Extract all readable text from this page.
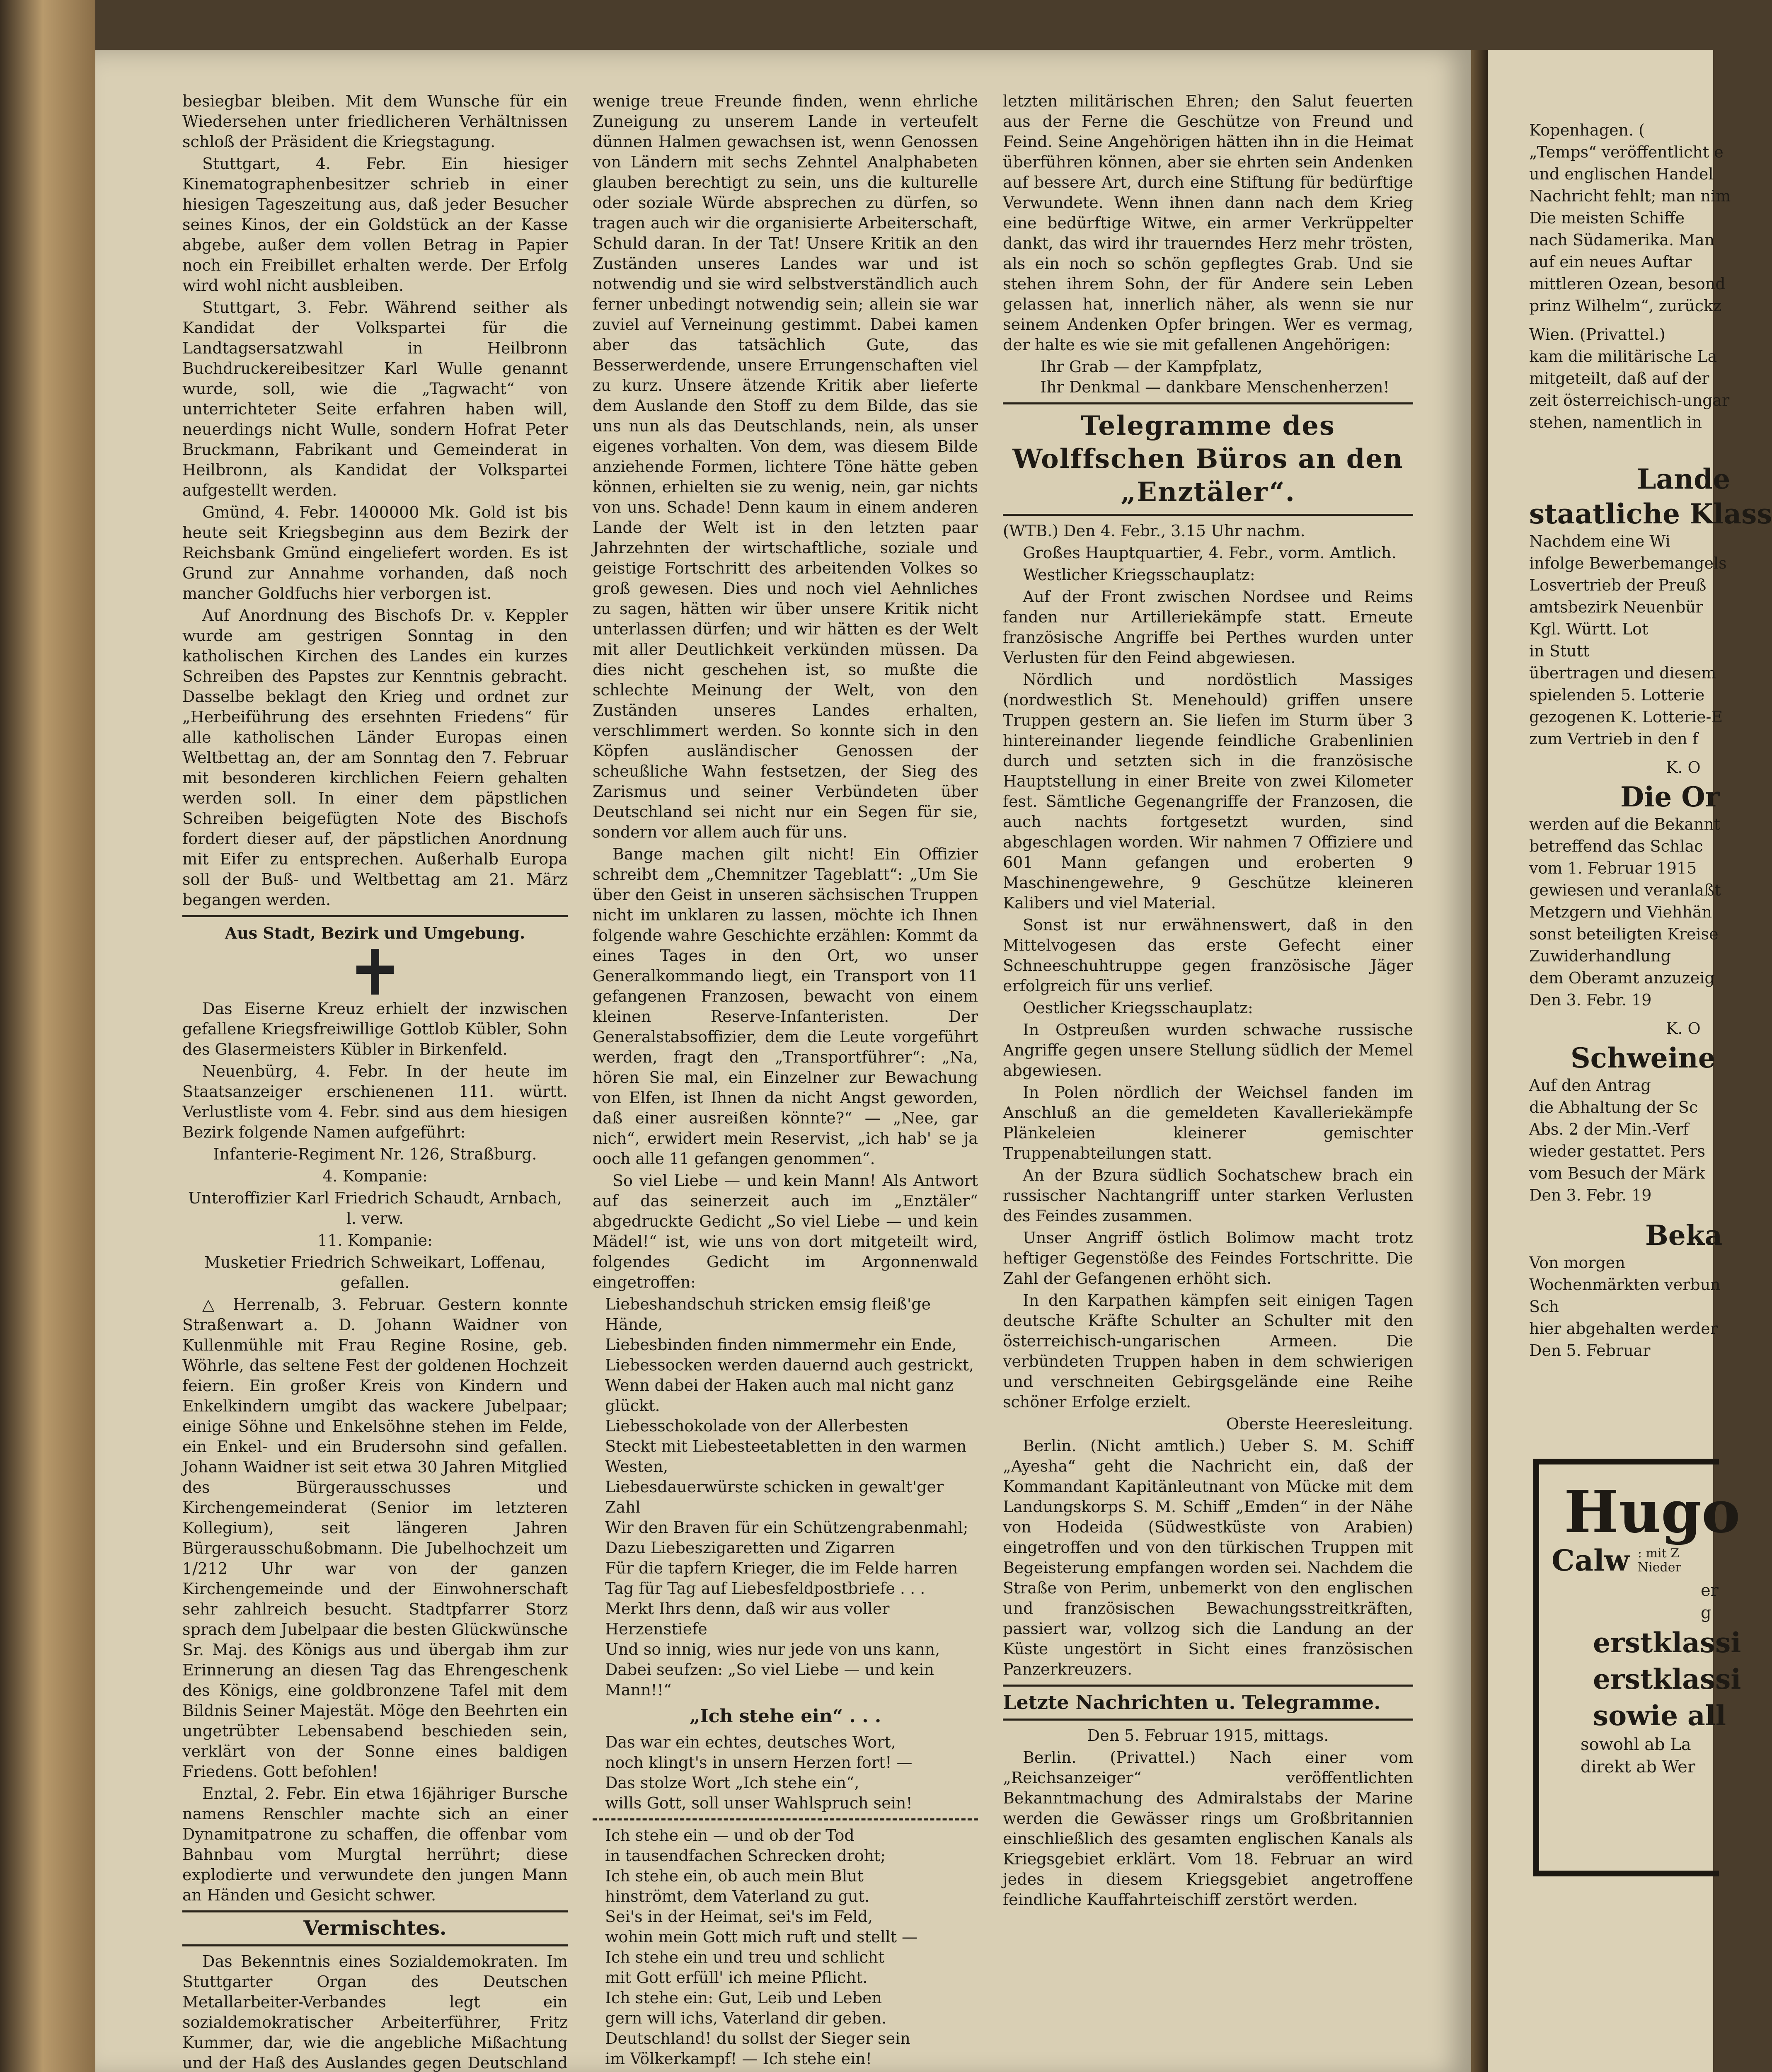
besiegbar bleiben. Mit dem Wunsche für ein Wiedersehen unter friedlicheren Verhältnissen schloß der Präsident die Kriegstagung.

Stuttgart, 4. Febr. Ein hiesiger Kinematographenbesitzer schrieb in einer hiesigen Tageszeitung aus, daß jeder Besucher seines Kinos, der ein Goldstück an der Kasse abgebe, außer dem vollen Betrag in Papier noch ein Freibillet erhalten werde. Der Erfolg wird wohl nicht ausbleiben.

Stuttgart, 3. Febr. Während seither als Kandidat der Volkspartei für die Landtagsersatzwahl in Heilbronn Buchdruckereibesitzer Karl Wulle genannt wurde, soll, wie die „Tagwacht“ von unterrichteter Seite erfahren haben will, neuerdings nicht Wulle, sondern Hofrat Peter Bruckmann, Fabrikant und Gemeinderat in Heilbronn, als Kandidat der Volkspartei aufgestellt werden.

Gmünd, 4. Febr. 1400000 Mk. Gold ist bis heute seit Kriegsbeginn aus dem Bezirk der Reichsbank Gmünd eingeliefert worden. Es ist Grund zur Annahme vorhanden, daß noch mancher Goldfuchs hier verborgen ist.

Auf Anordnung des Bischofs Dr. v. Keppler wurde am gestrigen Sonntag in den katholischen Kirchen des Landes ein kurzes Schreiben des Papstes zur Kenntnis gebracht. Dasselbe beklagt den Krieg und ordnet zur „Herbeiführung des ersehnten Friedens“ für alle katholischen Länder Europas einen Weltbettag an, der am Sonntag den 7. Februar mit besonderen kirchlichen Feiern gehalten werden soll. In einer dem päpstlichen Schreiben beigefügten Note des Bischofs fordert dieser auf, der päpstlichen Anordnung mit Eifer zu entsprechen. Außerhalb Europa soll der Buß- und Weltbettag am 21. März begangen werden.

Aus Stadt, Bezirk und Umgebung.

Das Eiserne Kreuz erhielt der inzwischen gefallene Kriegsfreiwillige Gottlob Kübler, Sohn des Glasermeisters Kübler in Birkenfeld.

Neuenbürg, 4. Febr. In der heute im Staatsanzeiger erschienenen 111. württ. Verlustliste vom 4. Febr. sind aus dem hiesigen Bezirk folgende Namen aufgeführt:

Infanterie-Regiment Nr. 126, Straßburg.

4. Kompanie:

Unteroffizier Karl Friedrich Schaudt, Arnbach, l. verw.

11. Kompanie:

Musketier Friedrich Schweikart, Loffenau, gefallen.

△ Herrenalb, 3. Februar. Gestern konnte Straßenwart a. D. Johann Waidner von Kullenmühle mit Frau Regine Rosine, geb. Wöhrle, das seltene Fest der goldenen Hochzeit feiern. Ein großer Kreis von Kindern und Enkelkindern umgibt das wackere Jubelpaar; einige Söhne und Enkelsöhne stehen im Felde, ein Enkel- und ein Brudersohn sind gefallen. Johann Waidner ist seit etwa 30 Jahren Mitglied des Bürgerausschusses und Kirchengemeinderat (Senior im letzteren Kollegium), seit längeren Jahren Bürgerausschußobmann. Die Jubelhochzeit um 1/212 Uhr war von der ganzen Kirchengemeinde und der Einwohnerschaft sehr zahlreich besucht. Stadtpfarrer Storz sprach dem Jubelpaar die besten Glückwünsche Sr. Maj. des Königs aus und übergab ihm zur Erinnerung an diesen Tag das Ehrengeschenk des Königs, eine goldbronzene Tafel mit dem Bildnis Seiner Majestät. Möge den Beehrten ein ungetrübter Lebensabend beschieden sein, verklärt von der Sonne eines baldigen Friedens. Gott befohlen!

Enztal, 2. Febr. Ein etwa 16jähriger Bursche namens Renschler machte sich an einer Dynamitpatrone zu schaffen, die offenbar vom Bahnbau vom Murgtal herrührt; diese explodierte und verwundete den jungen Mann an Händen und Gesicht schwer.

Vermischtes.

Das Bekenntnis eines Sozialdemokraten. Im Stuttgarter Organ des Deutschen Metallarbeiter-Verbandes legt ein sozialdemokratischer Arbeiterführer, Fritz Kummer, dar, wie die angebliche Mißachtung und der Haß des Auslandes gegen Deutschland

wenige treue Freunde finden, wenn ehrliche Zuneigung zu unserem Lande in verteufelt dünnen Halmen gewachsen ist, wenn Genossen von Ländern mit sechs Zehntel Analphabeten glauben berechtigt zu sein, uns die kulturelle oder soziale Würde absprechen zu dürfen, so tragen auch wir die organisierte Arbeiterschaft, Schuld daran. In der Tat! Unsere Kritik an den Zuständen unseres Landes war und ist notwendig und sie wird selbstverständlich auch ferner unbedingt notwendig sein; allein sie war zuviel auf Verneinung gestimmt. Dabei kamen aber das tatsächlich Gute, das Besserwerdende, unsere Errungenschaften viel zu kurz. Unsere ätzende Kritik aber lieferte dem Auslande den Stoff zu dem Bilde, das sie uns nun als das Deutschlands, nein, als unser eigenes vorhalten. Von dem, was diesem Bilde anziehende Formen, lichtere Töne hätte geben können, erhielten sie zu wenig, nein, gar nichts von uns. Schade! Denn kaum in einem anderen Lande der Welt ist in den letzten paar Jahrzehnten der wirtschaftliche, soziale und geistige Fortschritt des arbeitenden Volkes so groß gewesen. Dies und noch viel Aehnliches zu sagen, hätten wir über unsere Kritik nicht unterlassen dürfen; und wir hätten es der Welt mit aller Deutlichkeit verkünden müssen. Da dies nicht geschehen ist, so mußte die schlechte Meinung der Welt, von den Zuständen unseres Landes erhalten, verschlimmert werden. So konnte sich in den Köpfen ausländischer Genossen der scheußliche Wahn festsetzen, der Sieg des Zarismus und seiner Verbündeten über Deutschland sei nicht nur ein Segen für sie, sondern vor allem auch für uns.

Bange machen gilt nicht! Ein Offizier schreibt dem „Chemnitzer Tageblatt“: „Um Sie über den Geist in unseren sächsischen Truppen nicht im unklaren zu lassen, möchte ich Ihnen folgende wahre Geschichte erzählen: Kommt da eines Tages in den Ort, wo unser Generalkommando liegt, ein Transport von 11 gefangenen Franzosen, bewacht von einem kleinen Reserve-Infanteristen. Der Generalstabsoffizier, dem die Leute vorgeführt werden, fragt den „Transportführer“: „Na, hören Sie mal, ein Einzelner zur Bewachung von Elfen, ist Ihnen da nicht Angst geworden, daß einer ausreißen könnte?“ — „Nee, gar nich“, erwidert mein Reservist, „ich hab' se ja ooch alle 11 gefangen genommen“.

So viel Liebe — und kein Mann! Als Antwort auf das seinerzeit auch im „Enztäler“ abgedruckte Gedicht „So viel Liebe — und kein Mädel!“ ist, wie uns von dort mitgeteilt wird, folgendes Gedicht im Argonnenwald eingetroffen:

Liebeshandschuh stricken emsig fleiß'ge Hände,

Liebesbinden finden nimmermehr ein Ende,

Liebessocken werden dauernd auch gestrickt,

Wenn dabei der Haken auch mal nicht ganz glückt.

Liebesschokolade von der Allerbesten

Steckt mit Liebesteetabletten in den warmen Westen,

Liebesdauerwürste schicken in gewalt'ger Zahl

Wir den Braven für ein Schützengrabenmahl;

Dazu Liebeszigaretten und Zigarren

Für die tapfern Krieger, die im Felde harren

Tag für Tag auf Liebesfeldpostbriefe . . .

Merkt Ihrs denn, daß wir aus voller Herzenstiefe

Und so innig, wies nur jede von uns kann,

Dabei seufzen: „So viel Liebe — und kein Mann!!“

„Ich stehe ein“ . . .

Das war ein echtes, deutsches Wort,

noch klingt's in unsern Herzen fort! —

Das stolze Wort „Ich stehe ein“,

wills Gott, soll unser Wahlspruch sein!

Ich stehe ein — und ob der Tod

in tausendfachen Schrecken droht;

Ich stehe ein, ob auch mein Blut

hinströmt, dem Vaterland zu gut.

Sei's in der Heimat, sei's im Feld,

wohin mein Gott mich ruft und stellt —

Ich stehe ein und treu und schlicht

mit Gott erfüll' ich meine Pflicht.

Ich stehe ein: Gut, Leib und Leben

gern will ichs, Vaterland dir geben.

Deutschland! du sollst der Sieger sein

im Völkerkampf! — Ich stehe ein!

letzten militärischen Ehren; den Salut feuerten aus der Ferne die Geschütze von Freund und Feind. Seine Angehörigen hätten ihn in die Heimat überführen können, aber sie ehrten sein Andenken auf bessere Art, durch eine Stiftung für bedürftige Verwundete. Wenn ihnen dann nach dem Krieg eine bedürftige Witwe, ein armer Verkrüppelter dankt, das wird ihr trauerndes Herz mehr trösten, als ein noch so schön gepflegtes Grab. Und sie stehen ihrem Sohn, der für Andere sein Leben gelassen hat, innerlich näher, als wenn sie nur seinem Andenken Opfer bringen. Wer es vermag, der halte es wie sie mit gefallenen Angehörigen:

Ihr Grab — der Kampfplatz,

Ihr Denkmal — dankbare Menschenherzen!

Telegramme des Wolffschen Büros an den „Enztäler“.

(WTB.) Den 4. Febr., 3.15 Uhr nachm.

Großes Hauptquartier, 4. Febr., vorm. Amtlich.

Westlicher Kriegsschauplatz:

Auf der Front zwischen Nordsee und Reims fanden nur Artilleriekämpfe statt. Erneute französische Angriffe bei Perthes wurden unter Verlusten für den Feind abgewiesen.

Nördlich und nordöstlich Massiges (nordwestlich St. Menehould) griffen unsere Truppen gestern an. Sie liefen im Sturm über 3 hintereinander liegende feindliche Grabenlinien durch und setzten sich in die französische Hauptstellung in einer Breite von zwei Kilometer fest. Sämtliche Gegenangriffe der Franzosen, die auch nachts fortgesetzt wurden, sind abgeschlagen worden. Wir nahmen 7 Offiziere und 601 Mann gefangen und eroberten 9 Maschinengewehre, 9 Geschütze kleineren Kalibers und viel Material.

Sonst ist nur erwähnenswert, daß in den Mittelvogesen das erste Gefecht einer Schneeschuhtruppe gegen französische Jäger erfolgreich für uns verlief.

Oestlicher Kriegsschauplatz:

In Ostpreußen wurden schwache russische Angriffe gegen unsere Stellung südlich der Memel abgewiesen.

In Polen nördlich der Weichsel fanden im Anschluß an die gemeldeten Kavalleriekämpfe Plänkeleien kleinerer gemischter Truppenabteilungen statt.

An der Bzura südlich Sochatschew brach ein russischer Nachtangriff unter starken Verlusten des Feindes zusammen.

Unser Angriff östlich Bolimow macht trotz heftiger Gegenstöße des Feindes Fortschritte. Die Zahl der Gefangenen erhöht sich.

In den Karpathen kämpfen seit einigen Tagen deutsche Kräfte Schulter an Schulter mit den österreichisch-ungarischen Armeen. Die verbündeten Truppen haben in dem schwierigen und verschneiten Gebirgsgelände eine Reihe schöner Erfolge erzielt.

Oberste Heeresleitung.

Berlin. (Nicht amtlich.) Ueber S. M. Schiff „Ayesha“ geht die Nachricht ein, daß der Kommandant Kapitänleutnant von Mücke mit dem Landungskorps S. M. Schiff „Emden“ in der Nähe von Hodeida (Südwestküste von Arabien) eingetroffen und von den türkischen Truppen mit Begeisterung empfangen worden sei. Nachdem die Straße von Perim, unbemerkt von den englischen und französischen Bewachungsstreitkräften, passiert war, vollzog sich die Landung an der Küste ungestört in Sicht eines französischen Panzerkreuzers.

Letzte Nachrichten u. Telegramme.

Den 5. Februar 1915, mittags.

Berlin. (Privattel.) Nach einer vom „Reichsanzeiger“ veröffentlichten Bekanntmachung des Admiralstabs der Marine werden die Gewässer rings um Großbritannien einschließlich des gesamten englischen Kanals als Kriegsgebiet erklärt. Vom 18. Februar an wird jedes in diesem Kriegsgebiet angetroffene feindliche Kauffahrteischiff zerstört werden.

Kopenhagen. (

„Temps“ veröffentlicht e

und englischen Handel

Nachricht fehlt; man nim

Die meisten Schiffe

nach Südamerika. Man

auf ein neues Auftar

mittleren Ozean, besond

prinz Wilhelm“, zurückz

Wien. (Privattel.)

kam die militärische La

mitgeteilt, daß auf der

zeit österreichisch-ungar

stehen, namentlich in

Lande
staatliche Klass

Nachdem eine Wi

infolge Bewerbemangels

Losvertrieb der Preuß

amtsbezirk Neuenbür

Kgl. Württ. Lot

in Stutt

übertragen und diesem

spielenden 5. Lotterie

gezogenen K. Lotterie-E

zum Vertrieb in den f

K. O

Die Or

werden auf die Bekannt

betreffend das Schlac

vom 1. Februar 1915

gewiesen und veranlaßt

Metzgern und Viehhän

sonst beteiligten Kreise

Zuwiderhandlung

dem Oberamt anzuzeig

Den 3. Febr. 19

K. O

Schweine

Auf den Antrag

die Abhaltung der Sc

Abs. 2 der Min.-Verf

wieder gestattet. Pers

vom Besuch der Märk

Den 3. Febr. 19

Beka

Von morgen

Wochenmärkten verbun

Sch

hier abgehalten werder

Den 5. Februar

Hugo
Calw : mit Z
Nieder

er

g

erstklassi
erstklassi
sowie all

sowohl ab La

direkt ab Wer
